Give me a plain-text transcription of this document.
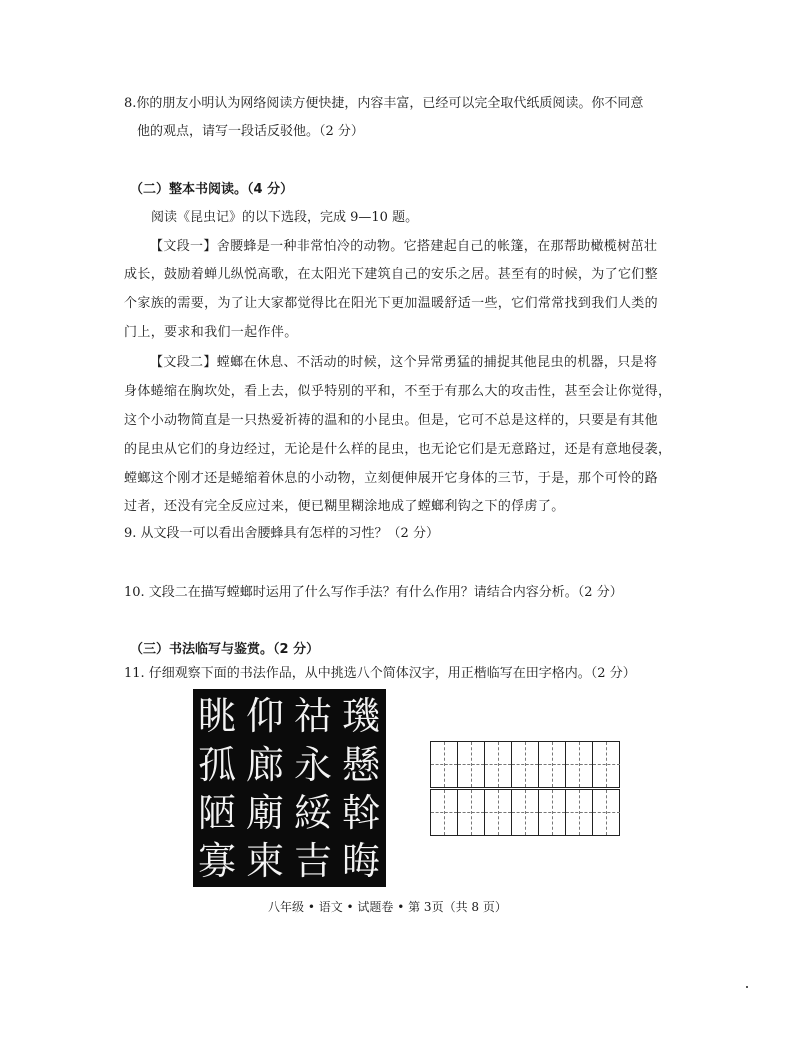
8.你的朋友小明认为网络阅读方便快捷，内容丰富，已经可以完全取代纸质阅读。你不同意
他的观点，请写一段话反驳他。（2 分）
（二）整本书阅读。（4 分）
阅读《昆虫记》的以下选段，完成 9—10 题。
【文段一】舍腰蜂是一种非常怕冷的动物。它搭建起自己的帐篷，在那帮助橄榄树茁壮
成长，鼓励着蝉儿纵悦高歌，在太阳光下建筑自己的安乐之居。甚至有的时候，为了它们整
个家族的需要，为了让大家都觉得比在阳光下更加温暖舒适一些，它们常常找到我们人类的
门上，要求和我们一起作伴。
【文段二】螳螂在休息、不活动的时候，这个异常勇猛的捕捉其他昆虫的机器，只是将
身体蜷缩在胸坎处，看上去，似乎特别的平和，不至于有那么大的攻击性，甚至会让你觉得，
这个小动物简直是一只热爱祈祷的温和的小昆虫。但是，它可不总是这样的，只要是有其他
的昆虫从它们的身边经过，无论是什么样的昆虫，也无论它们是无意路过，还是有意地侵袭，
螳螂这个刚才还是蜷缩着休息的小动物，立刻便伸展开它身体的三节，于是，那个可怜的路
过者，还没有完全反应过来，便已糊里糊涂地成了螳螂利钩之下的俘虏了。
9. 从文段一可以看出舍腰蜂具有怎样的习性？（2 分）
10. 文段二在描写螳螂时运用了什么写作手法？有什么作用？请结合内容分析。（2 分）
（三）书法临写与鉴赏。（2 分）
11. 仔细观察下面的书法作品，从中挑选八个简体汉字，用正楷临写在田字格内。（2 分）
眺 仰 祜 璣
孤 廊 永 懸
陋 廟 綏 斡
寡 柬 吉 晦
八年级 • 语文 • 试题卷 • 第 3页（共 8 页）
